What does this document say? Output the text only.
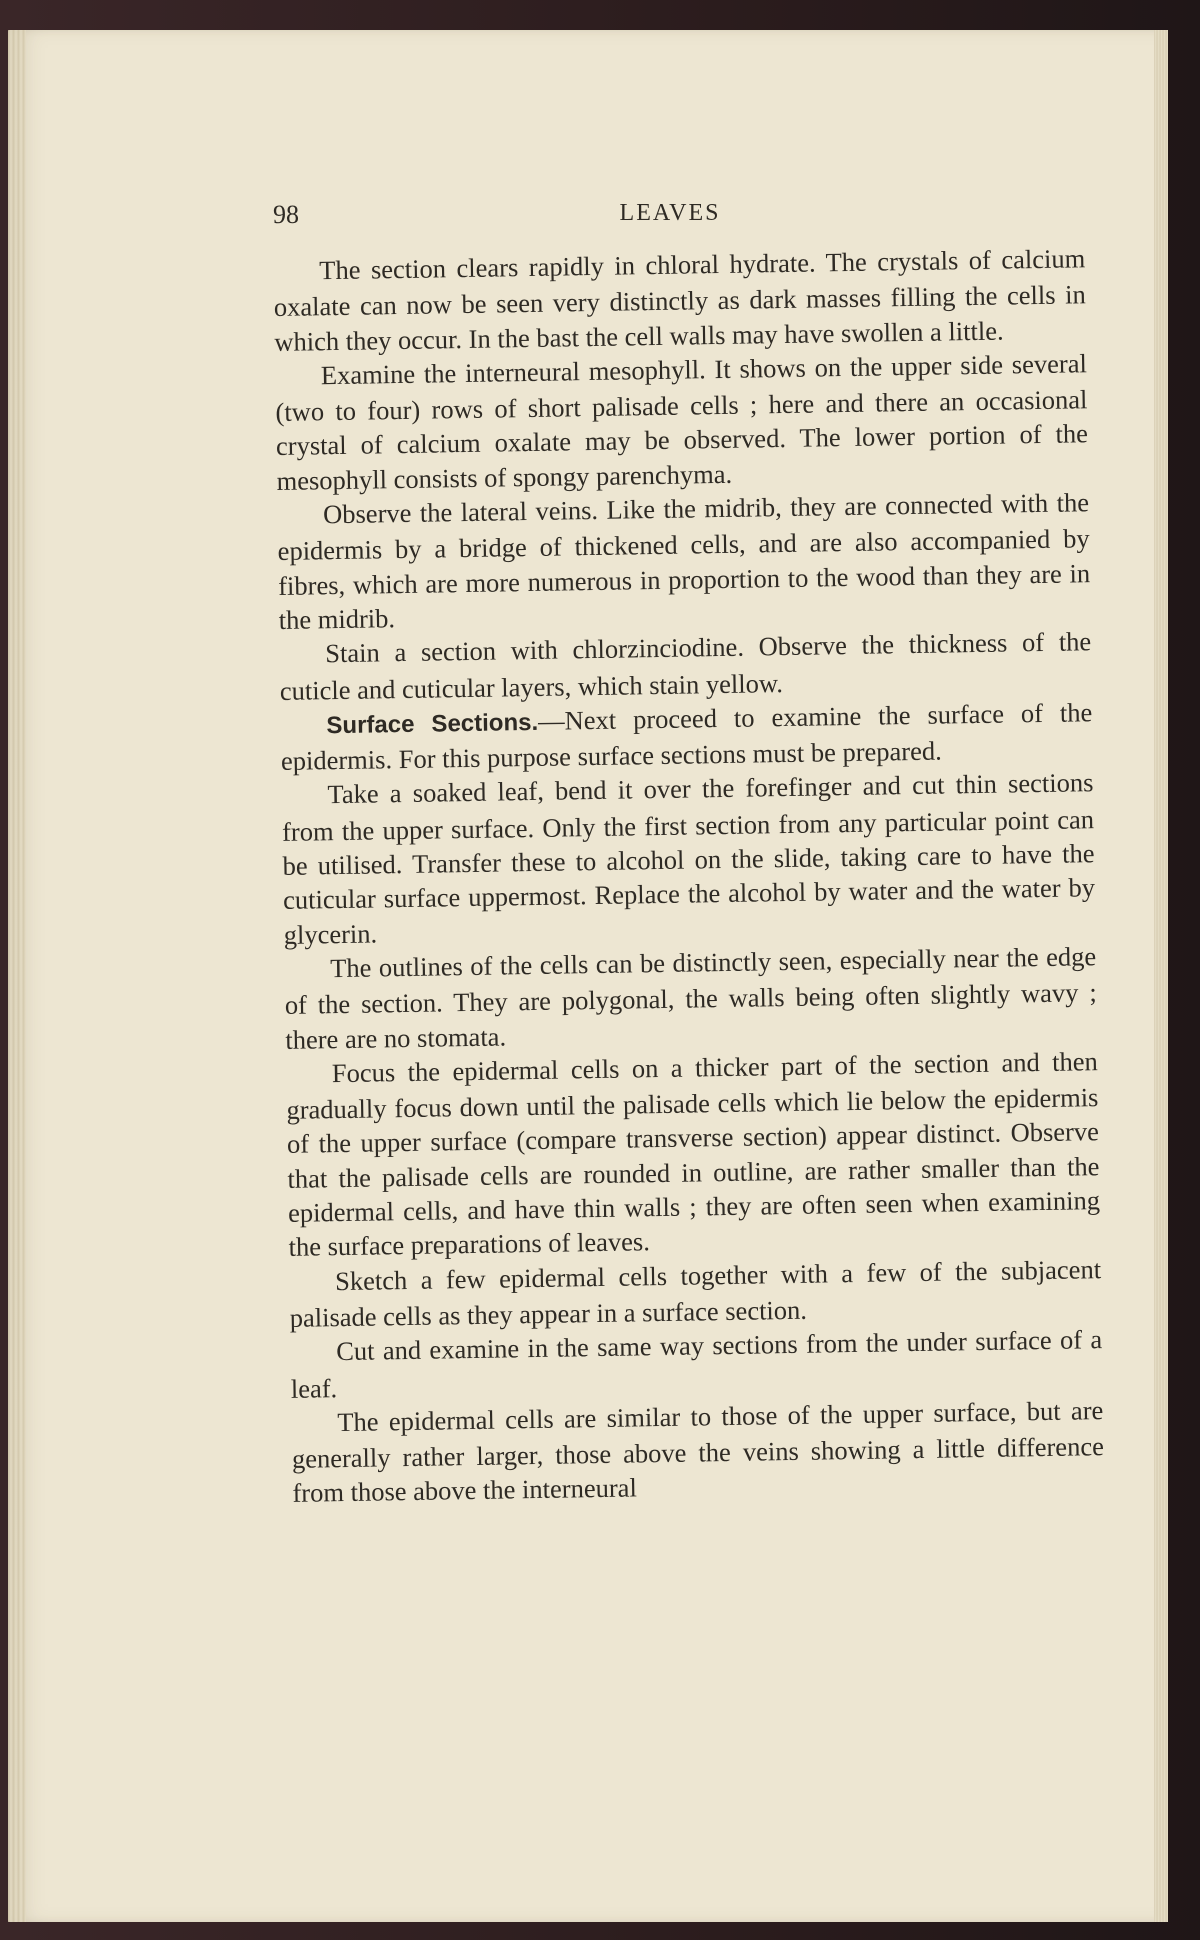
98	LEAVES

The section clears rapidly in chloral hydrate. The crystals of calcium oxalate can now be seen very distinctly as dark masses filling the cells in which they occur. In the bast the cell walls may have swollen a little.

Examine the interneural mesophyll. It shows on the upper side several (two to four) rows of short palisade cells ; here and there an occasional crystal of calcium oxalate may be observed. The lower portion of the mesophyll consists of spongy parenchyma.

Observe the lateral veins. Like the midrib, they are connected with the epidermis by a bridge of thickened cells, and are also accompanied by fibres, which are more numerous in proportion to the wood than they are in the midrib.

Stain a section with chlorzinciodine. Observe the thickness of the cuticle and cuticular layers, which stain yellow.

Surface Sections.—Next proceed to examine the surface of the epidermis. For this purpose surface sections must be prepared.

Take a soaked leaf, bend it over the forefinger and cut thin sections from the upper surface. Only the first section from any particular point can be utilised. Transfer these to alcohol on the slide, taking care to have the cuticular surface uppermost. Replace the alcohol by water and the water by glycerin.

The outlines of the cells can be distinctly seen, especially near the edge of the section. They are polygonal, the walls being often slightly wavy ; there are no stomata.

Focus the epidermal cells on a thicker part of the section and then gradually focus down until the palisade cells which lie below the epidermis of the upper surface (compare transverse section) appear distinct. Observe that the palisade cells are rounded in outline, are rather smaller than the epidermal cells, and have thin walls ; they are often seen when examining the surface preparations of leaves.

Sketch a few epidermal cells together with a few of the subjacent palisade cells as they appear in a surface section.

Cut and examine in the same way sections from the under surface of a leaf.

The epidermal cells are similar to those of the upper surface, but are generally rather larger, those above the veins showing a little difference from those above the interneural
